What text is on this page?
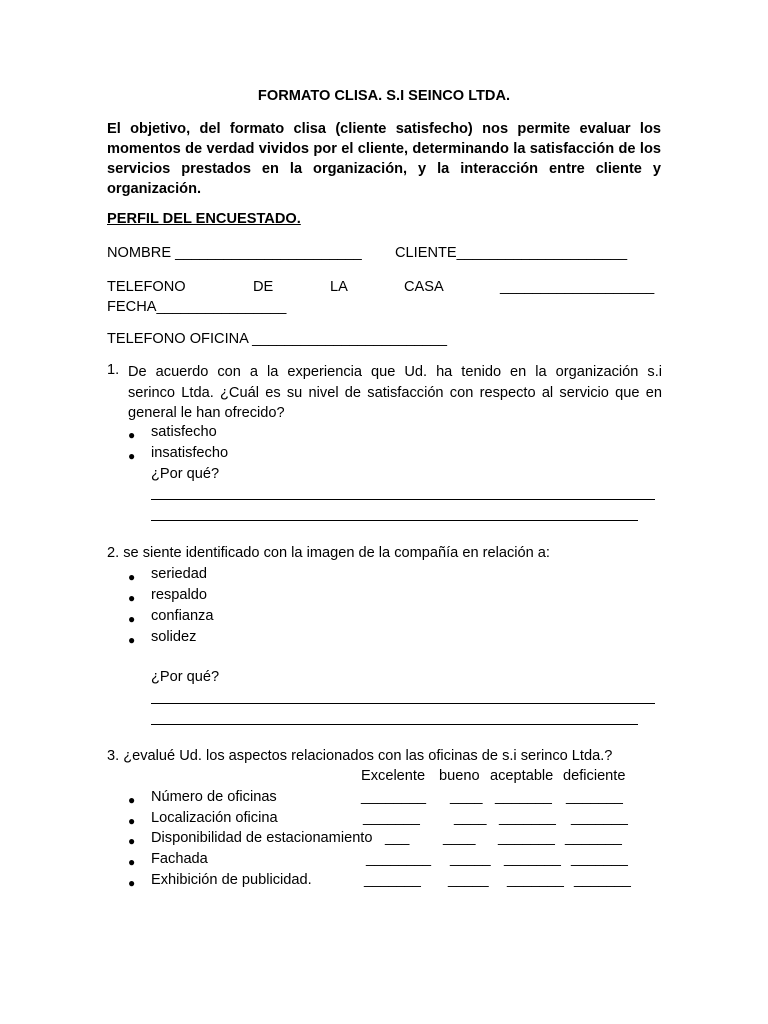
FORMATO CLISA. S.I SEINCO LTDA.
El objetivo, del formato clisa (cliente satisfecho) nos permite evaluar los momentos de verdad vividos por el cliente, determinando la satisfacción de los servicios prestados en la organización, y la interacción entre cliente y organización.
PERFIL DEL ENCUESTADO.
NOMBRE _______________________ CLIENTE_____________________
TELEFONO	DE	LA	CASA	___________________
FECHA________________
TELEFONO OFICINA ________________________
1. De acuerdo con a la experiencia que Ud. ha tenido en la organización s.i
serinco Ltda. ¿Cuál es su nivel de satisfacción con respecto al servicio que en
general le han ofrecido?
● satisfecho
● insatisfecho
¿Por qué?
2. se siente identificado con la imagen de la compañía en relación a:
● seriedad
● respaldo
● confianza
● solidez
¿Por qué?
3. ¿evalué Ud. los aspectos relacionados con las oficinas de s.i serinco Ltda.?
Excelente bueno aceptable deficiente
● Número de oficinas	________ ____ _______ _______
● Localización oficina	_______ ____ _______ _______
● Disponibilidad de estacionamiento ___ ____ _______ _______
● Fachada	________ _____ _______ _______
● Exhibición de publicidad.	_______ _____ _______ _______
